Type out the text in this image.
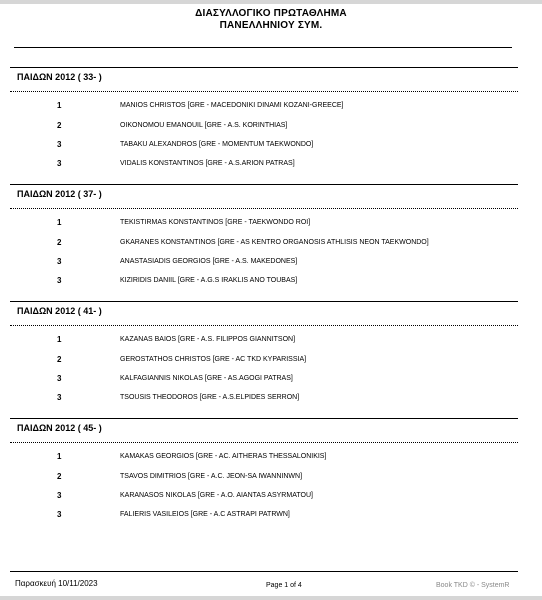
ΔΙΑΣΥΛΛΟΓΙΚΟ ΠΡΩΤΑΘΛΗΜΑ
ΠΑΝΕΛΛΗΝΙΟΥ ΣΥΜ.
ΠΑΙΔΩΝ 2012 ( 33- )
1	MANIOS CHRISTOS [GRE - MACEDONIKI DINAMI KOZANI-GREECE]
2	OIKONOMOU EMANOUIL [GRE - A.S. KORINTHIAS]
3	TABAKU ALEXANDROS [GRE - MOMENTUM TAEKWONDO]
3	VIDALIS KONSTANTINOS [GRE - A.S.ARION PATRAS]
ΠΑΙΔΩΝ 2012 ( 37- )
1	TEKISTIRMAS KONSTANTINOS [GRE - TAEKWONDO ROI]
2	GKARANES KONSTANTINOS [GRE - AS KENTRO ORGANOSIS ATHLISIS NEON TAEKWONDO]
3	ANASTASIADIS GEORGIOS [GRE - A.S. MAKEDONES]
3	KIZIRIDIS DANIIL [GRE - A.G.S IRAKLIS ANO TOUBAS]
ΠΑΙΔΩΝ 2012 ( 41- )
1	KAZANAS BAIOS [GRE - A.S. FILIPPOS GIANNITSON]
2	GEROSTATHOS CHRISTOS [GRE - AC TKD KYPARISSIA]
3	KALFAGIANNIS NIKOLAS [GRE - AS.AGOGI PATRAS]
3	TSOUSIS THEODOROS [GRE - A.S.ELPIDES SERRON]
ΠΑΙΔΩΝ 2012 ( 45- )
1	KAMAKAS GEORGIOS [GRE - AC. AITHERAS THESSALONIKIS]
2	TSAVOS DIMITRIOS [GRE - A.C. JEON-SA IWANNINWN]
3	KARANASOS NIKOLAS [GRE - A.O. AIANTAS ASYRMATOU]
3	FALIERIS VASILEIOS [GRE - A.C ASTRAPI PATRWN]
Παρασκευή 10/11/2023	Page 1 of 4	Book TKD © - SystemR
